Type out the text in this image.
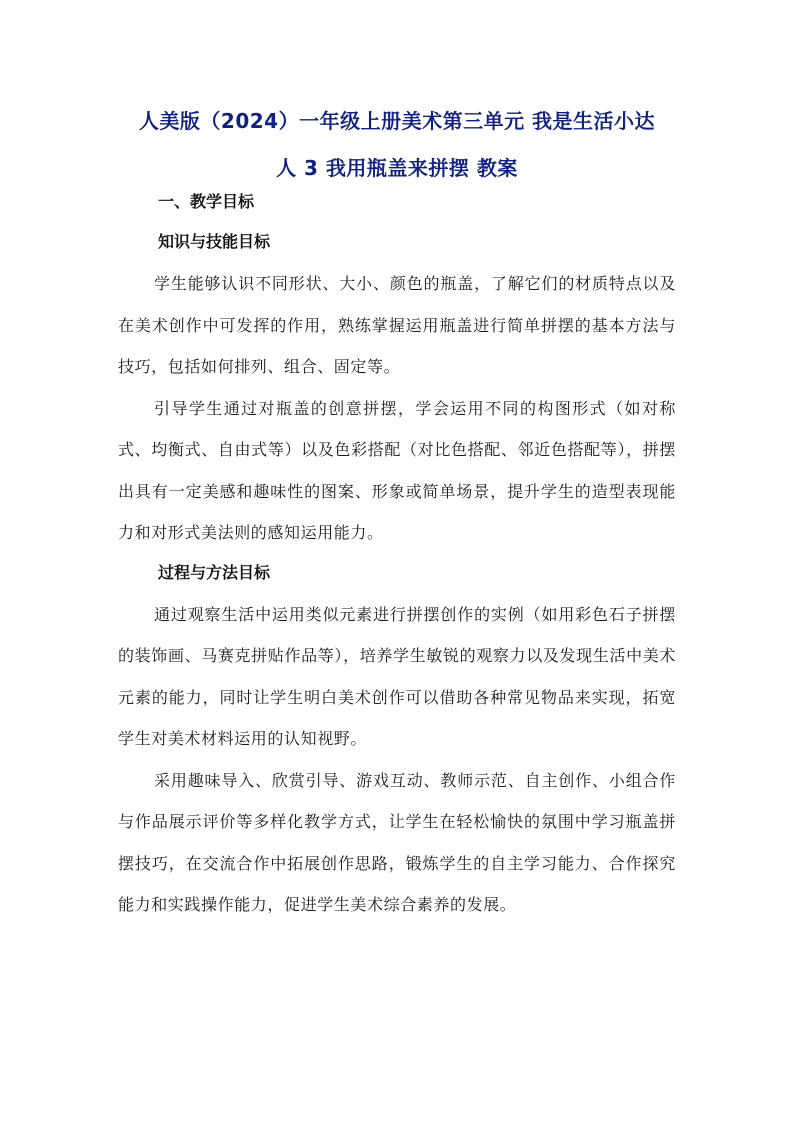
人美版（2024）一年级上册美术第三单元 我是生活小达
人 3 我用瓶盖来拼摆 教案

一、教学目标

知识与技能目标

学生能够认识不同形状、大小、颜色的瓶盖，了解它们的材质特点以及在美术创作中可发挥的作用，熟练掌握运用瓶盖进行简单拼摆的基本方法与技巧，包括如何排列、组合、固定等。

引导学生通过对瓶盖的创意拼摆，学会运用不同的构图形式（如对称式、均衡式、自由式等）以及色彩搭配（对比色搭配、邻近色搭配等），拼摆出具有一定美感和趣味性的图案、形象或简单场景，提升学生的造型表现能力和对形式美法则的感知运用能力。

过程与方法目标

通过观察生活中运用类似元素进行拼摆创作的实例（如用彩色石子拼摆的装饰画、马赛克拼贴作品等），培养学生敏锐的观察力以及发现生活中美术元素的能力，同时让学生明白美术创作可以借助各种常见物品来实现，拓宽学生对美术材料运用的认知视野。

采用趣味导入、欣赏引导、游戏互动、教师示范、自主创作、小组合作与作品展示评价等多样化教学方式，让学生在轻松愉快的氛围中学习瓶盖拼摆技巧，在交流合作中拓展创作思路，锻炼学生的自主学习能力、合作探究能力和实践操作能力，促进学生美术综合素养的发展。
